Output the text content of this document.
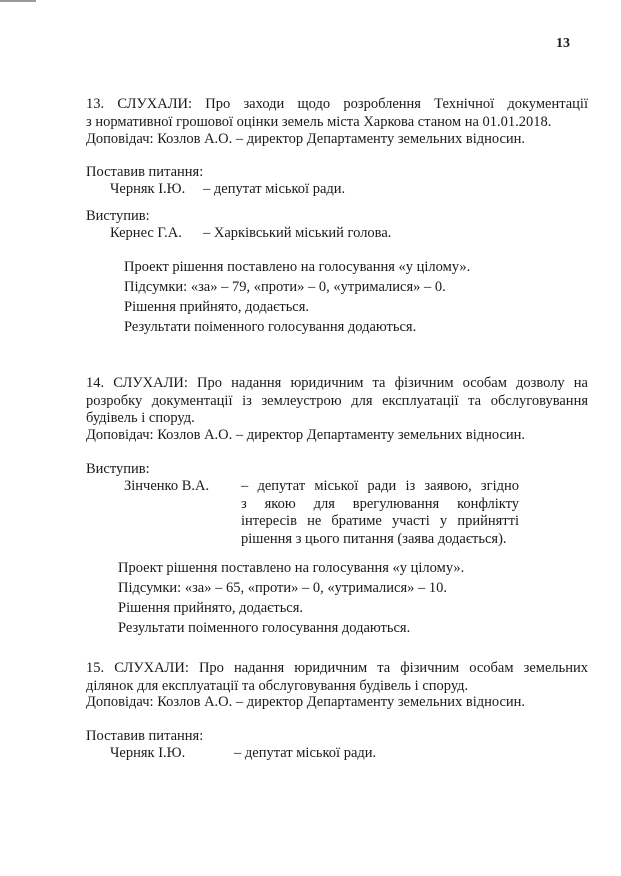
13
13. СЛУХАЛИ: Про заходи щодо розроблення Технічної документації
з нормативної грошової оцінки земель міста Харкова станом на 01.01.2018.
Доповідач: Козлов А.О. – директор Департаменту земельних відносин.
Поставив питання:
Черняк І.Ю. – депутат міської ради.
Виступив:
Кернес Г.А. – Харківський міський голова.
Проект рішення поставлено на голосування «у цілому».
Підсумки: «за» – 79, «проти» – 0, «утрималися» – 0.
Рішення прийнято, додається.
Результати поіменного голосування додаються.
14. СЛУХАЛИ: Про надання юридичним та фізичним особам дозволу на
розробку документації із землеустрою для експлуатації та обслуговування
будівель і споруд.
Доповідач: Козлов А.О. – директор Департаменту земельних відносин.
Виступив:
Зінченко В.А. – депутат міської ради із заявою, згідно
з якою для врегулювання конфлікту
інтересів не братиме участі у прийнятті
рішення з цього питання (заява додається).
Проект рішення поставлено на голосування «у цілому».
Підсумки: «за» – 65, «проти» – 0, «утрималися» – 10.
Рішення прийнято, додається.
Результати поіменного голосування додаються.
15. СЛУХАЛИ: Про надання юридичним та фізичним особам земельних
ділянок для експлуатації та обслуговування будівель і споруд.
Доповідач: Козлов А.О. – директор Департаменту земельних відносин.
Поставив питання:
Черняк І.Ю.	– депутат міської ради.
